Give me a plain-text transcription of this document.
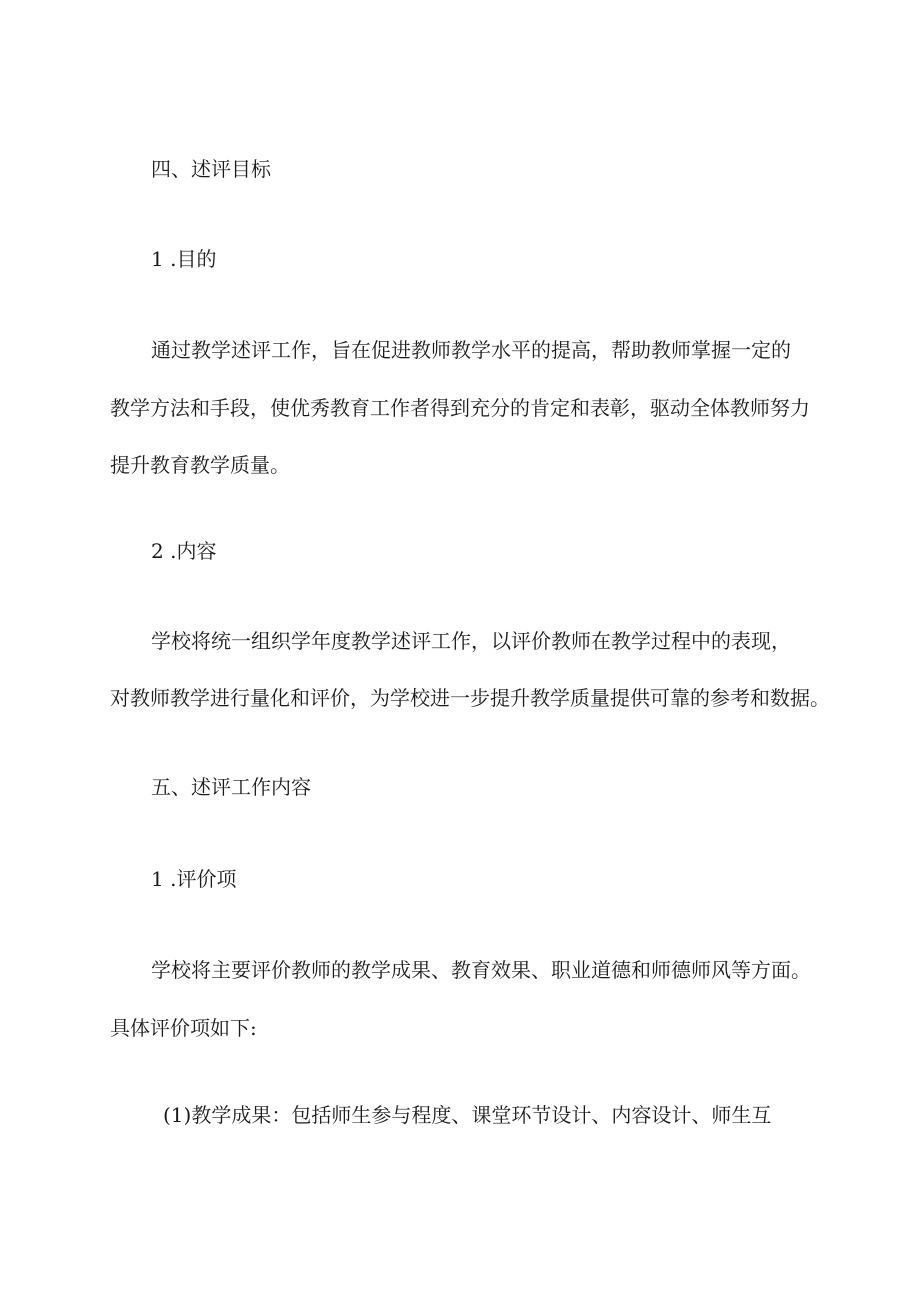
四、述评目标
1 .目的
通过教学述评工作，旨在促进教师教学水平的提高，帮助教师掌握一定的
教学方法和手段，使优秀教育工作者得到充分的肯定和表彰，驱动全体教师努力
提升教育教学质量。
2 .内容
学校将统一组织学年度教学述评工作，以评价教师在教学过程中的表现，
对教师教学进行量化和评价，为学校进一步提升教学质量提供可靠的参考和数据。
五、述评工作内容
1 .评价项
学校将主要评价教师的教学成果、教育效果、职业道德和师德师风等方面。
具体评价项如下:
(1)教学成果：包括师生参与程度、课堂环节设计、内容设计、师生互
